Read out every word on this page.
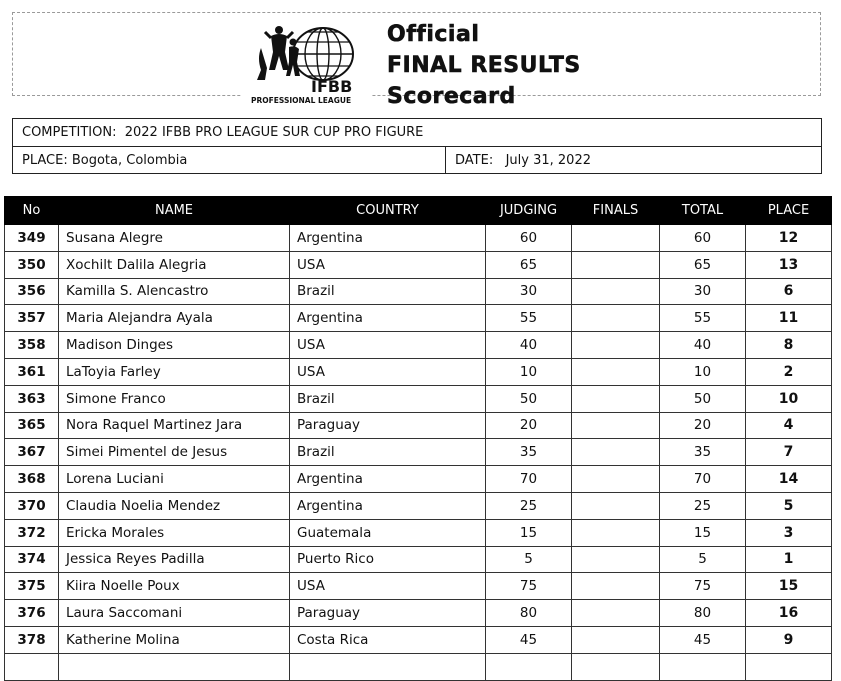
IFBB
PROFESSIONAL LEAGUE
Official
FINAL RESULTS
Scorecard
COMPETITION:  2022 IFBB PRO LEAGUE SUR CUP PRO FIGURE
PLACE: Bogota, Colombia	DATE:   July 31, 2022
No	NAME	COUNTRY	JUDGING	FINALS	TOTAL	PLACE
349	Susana Alegre	Argentina	60		60	12
350	Xochilt Dalila Alegria	USA	65		65	13
356	Kamilla S. Alencastro	Brazil	30		30	6
357	Maria Alejandra Ayala	Argentina	55		55	11
358	Madison Dinges	USA	40		40	8
361	LaToyia Farley	USA	10		10	2
363	Simone Franco	Brazil	50		50	10
365	Nora Raquel Martinez Jara	Paraguay	20		20	4
367	Simei Pimentel de Jesus	Brazil	35		35	7
368	Lorena Luciani	Argentina	70		70	14
370	Claudia Noelia Mendez	Argentina	25		25	5
372	Ericka Morales	Guatemala	15		15	3
374	Jessica Reyes Padilla	Puerto Rico	5		5	1
375	Kiira Noelle Poux	USA	75		75	15
376	Laura Saccomani	Paraguay	80		80	16
378	Katherine Molina	Costa Rica	45		45	9
